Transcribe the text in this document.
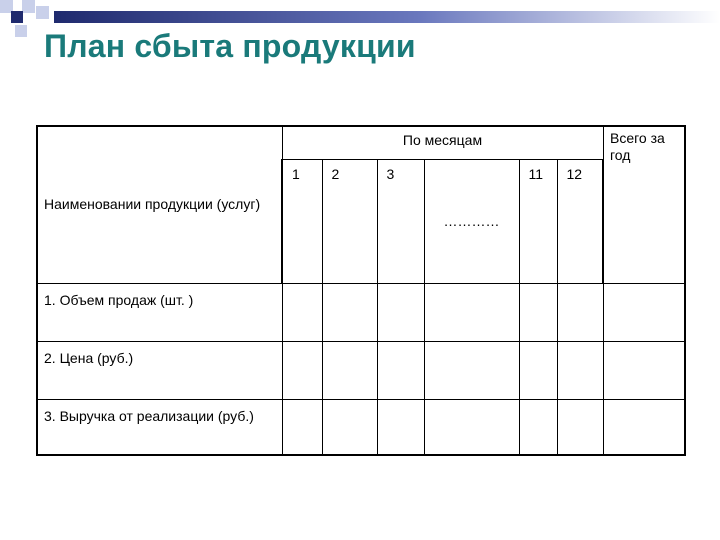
План сбыта продукции
Наименовании продукции (услуг)	По месяцам						Всего за год
	1	2	3	…………	11	12	
1. Объем продаж (шт. )							
2. Цена (руб.)							
3. Выручка от реализации (руб.)							
